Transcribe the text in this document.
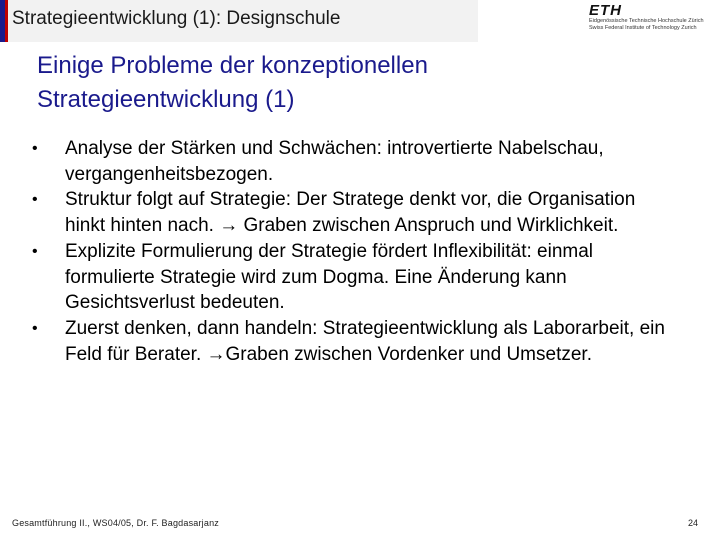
Strategieentwicklung (1): Designschule	ETH
Eidgenössische Technische Hochschule Zürich
Swiss Federal Institute of Technology Zurich
Einige Probleme der konzeptionellen
Strategieentwicklung (1)
• Analyse der Stärken und Schwächen: introvertierte Nabelschau, vergangenheitsbezogen.
• Struktur folgt auf Strategie: Der Stratege denkt vor, die Organisation hinkt hinten nach. → Graben zwischen Anspruch und Wirklichkeit.
• Explizite Formulierung der Strategie fördert Inflexibilität: einmal formulierte Strategie wird zum Dogma. Eine Änderung kann Gesichtsverlust bedeuten.
• Zuerst denken, dann handeln: Strategieentwicklung als Laborarbeit, ein Feld für Berater. →Graben zwischen Vordenker und Umsetzer.
Gesamtführung II., WS04/05, Dr. F. Bagdasarjanz	24
